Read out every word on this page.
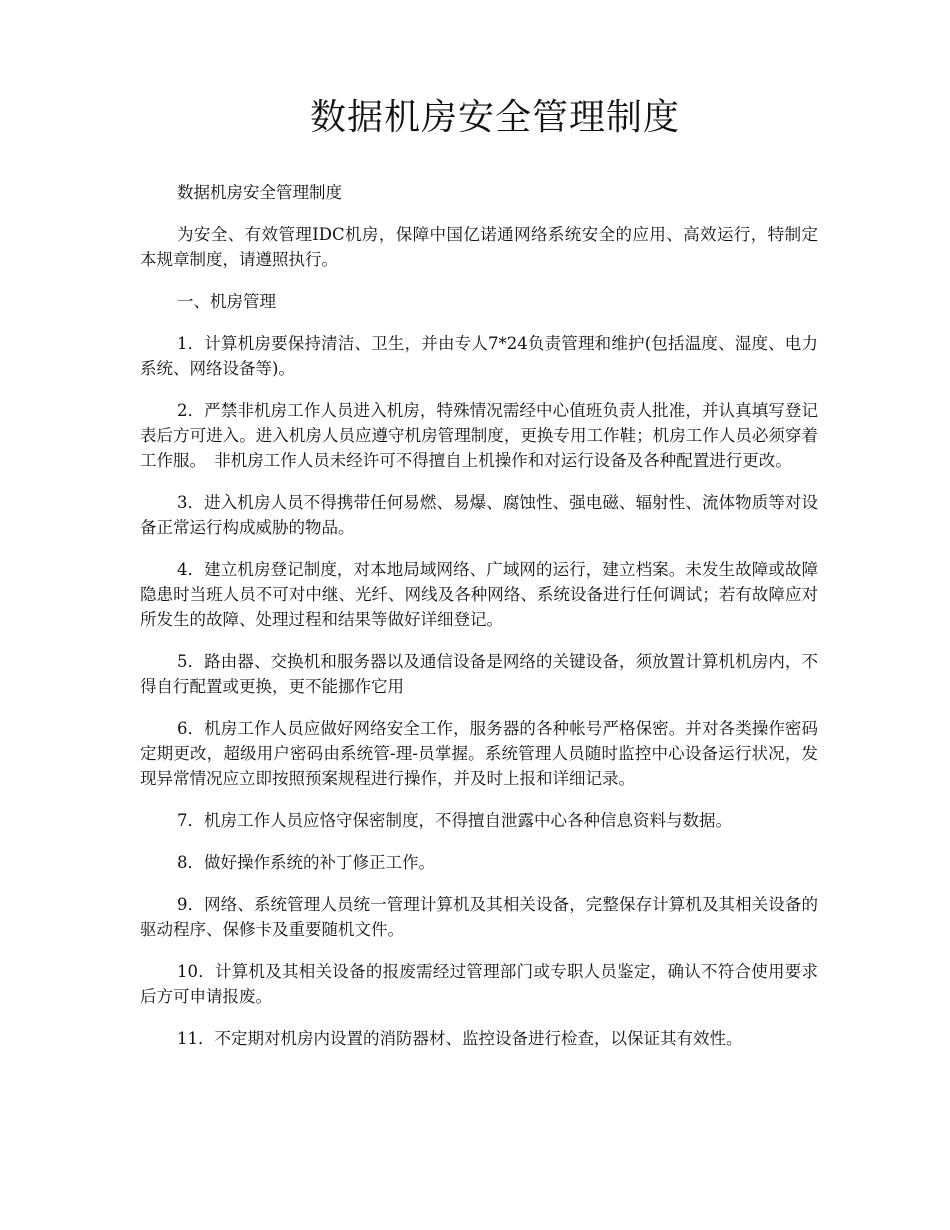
数据机房安全管理制度

数据机房安全管理制度

为安全、有效管理IDC机房，保障中国亿诺通网络系统安全的应用、高效运行，特制定本规章制度，请遵照执行。

一、机房管理

1．计算机房要保持清洁、卫生，并由专人7*24负责管理和维护(包括温度、湿度、电力系统、网络设备等)。

2．严禁非机房工作人员进入机房，特殊情况需经中心值班负责人批准，并认真填写登记表后方可进入。进入机房人员应遵守机房管理制度，更换专用工作鞋；机房工作人员必须穿着工作服。　非机房工作人员未经许可不得擅自上机操作和对运行设备及各种配置进行更改。

3．进入机房人员不得携带任何易燃、易爆、腐蚀性、强电磁、辐射性、流体物质等对设备正常运行构成威胁的物品。

4．建立机房登记制度，对本地局域网络、广域网的运行，建立档案。未发生故障或故障隐患时当班人员不可对中继、光纤、网线及各种网络、系统设备进行任何调试；若有故障应对所发生的故障、处理过程和结果等做好详细登记。

5．路由器、交换机和服务器以及通信设备是网络的关键设备，须放置计算机机房内，不得自行配置或更换，更不能挪作它用

6．机房工作人员应做好网络安全工作，服务器的各种帐号严格保密。并对各类操作密码定期更改，超级用户密码由系统管-理-员掌握。系统管理人员随时监控中心设备运行状况，发现异常情况应立即按照预案规程进行操作，并及时上报和详细记录。

7．机房工作人员应恪守保密制度，不得擅自泄露中心各种信息资料与数据。

8．做好操作系统的补丁修正工作。

9．网络、系统管理人员统一管理计算机及其相关设备，完整保存计算机及其相关设备的驱动程序、保修卡及重要随机文件。

10．计算机及其相关设备的报废需经过管理部门或专职人员鉴定，确认不符合使用要求后方可申请报废。

11．不定期对机房内设置的消防器材、监控设备进行检查，以保证其有效性。
